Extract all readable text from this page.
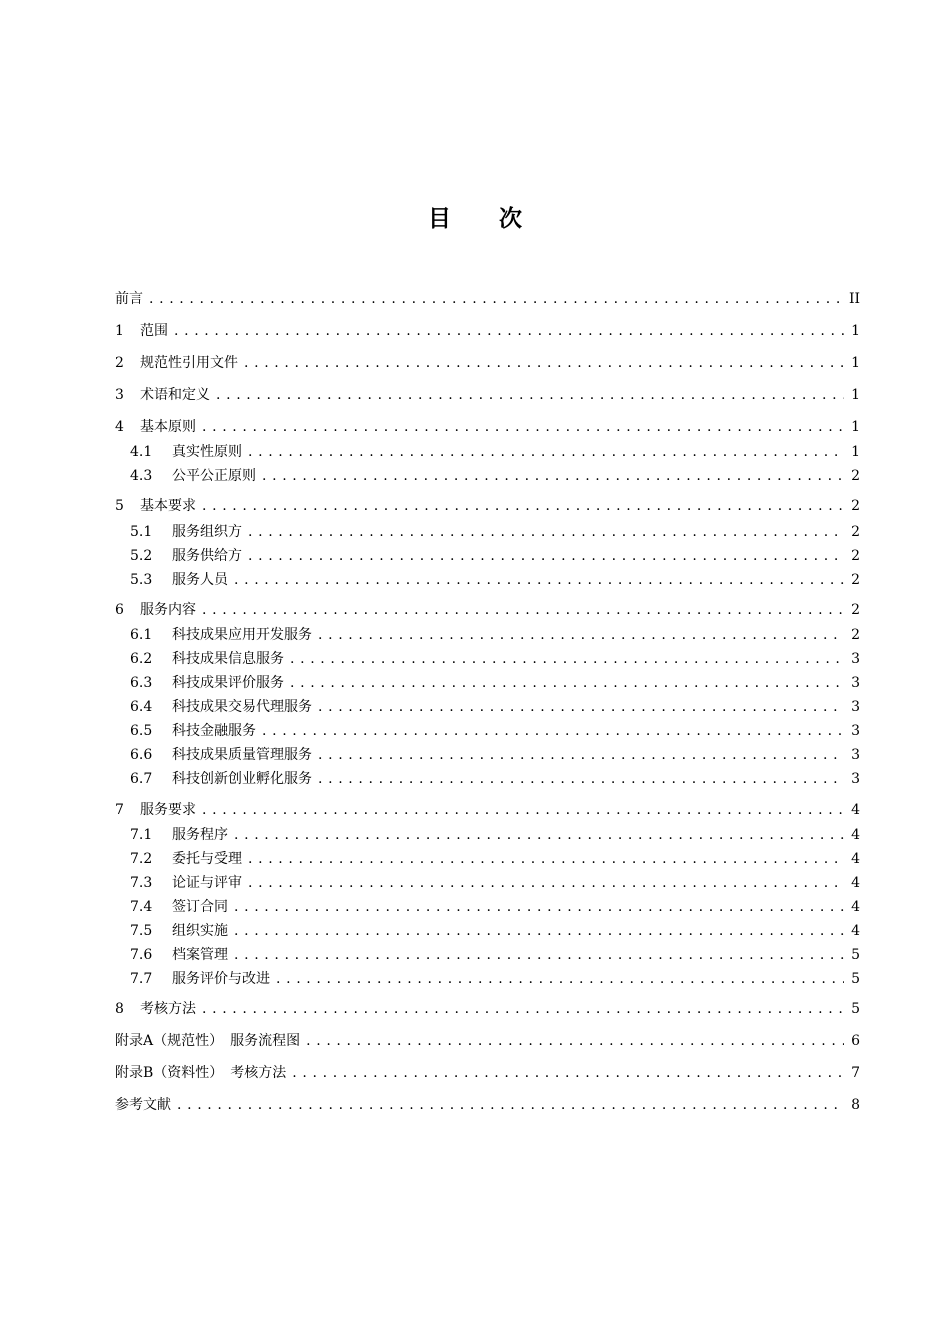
目 次
前言 . . .	II
1	范围 . . .	1
2	规范性引用文件 . . .	1
3	术语和定义 . . .	1
4	基本原则 . . .	1
4.1	真实性原则 . . .	1
4.3	公平公正原则 . . .	2
5	基本要求 . . .	2
5.1	服务组织方 . . .	2
5.2	服务供给方 . . .	2
5.3	服务人员 . . .	2
6	服务内容 . . .	2
6.1	科技成果应用开发服务 . . .	2
6.2	科技成果信息服务 . . .	3
6.3	科技成果评价服务 . . .	3
6.4	科技成果交易代理服务 . . .	3
6.5	科技金融服务 . . .	3
6.6	科技成果质量管理服务 . . .	3
6.7	科技创新创业孵化服务 . . .	3
7	服务要求 . . .	4
7.1	服务程序 . . .	4
7.2	委托与受理 . . .	4
7.3	论证与评审 . . .	4
7.4	签订合同 . . .	4
7.5	组织实施 . . .	4
7.6	档案管理 . . .	5
7.7	服务评价与改进 . . .	5
8	考核方法 . . .	5
附录A（规范性）　服务流程图 . . .	6
附录B（资料性）　考核方法 . . .	7
参考文献 . . .	8
